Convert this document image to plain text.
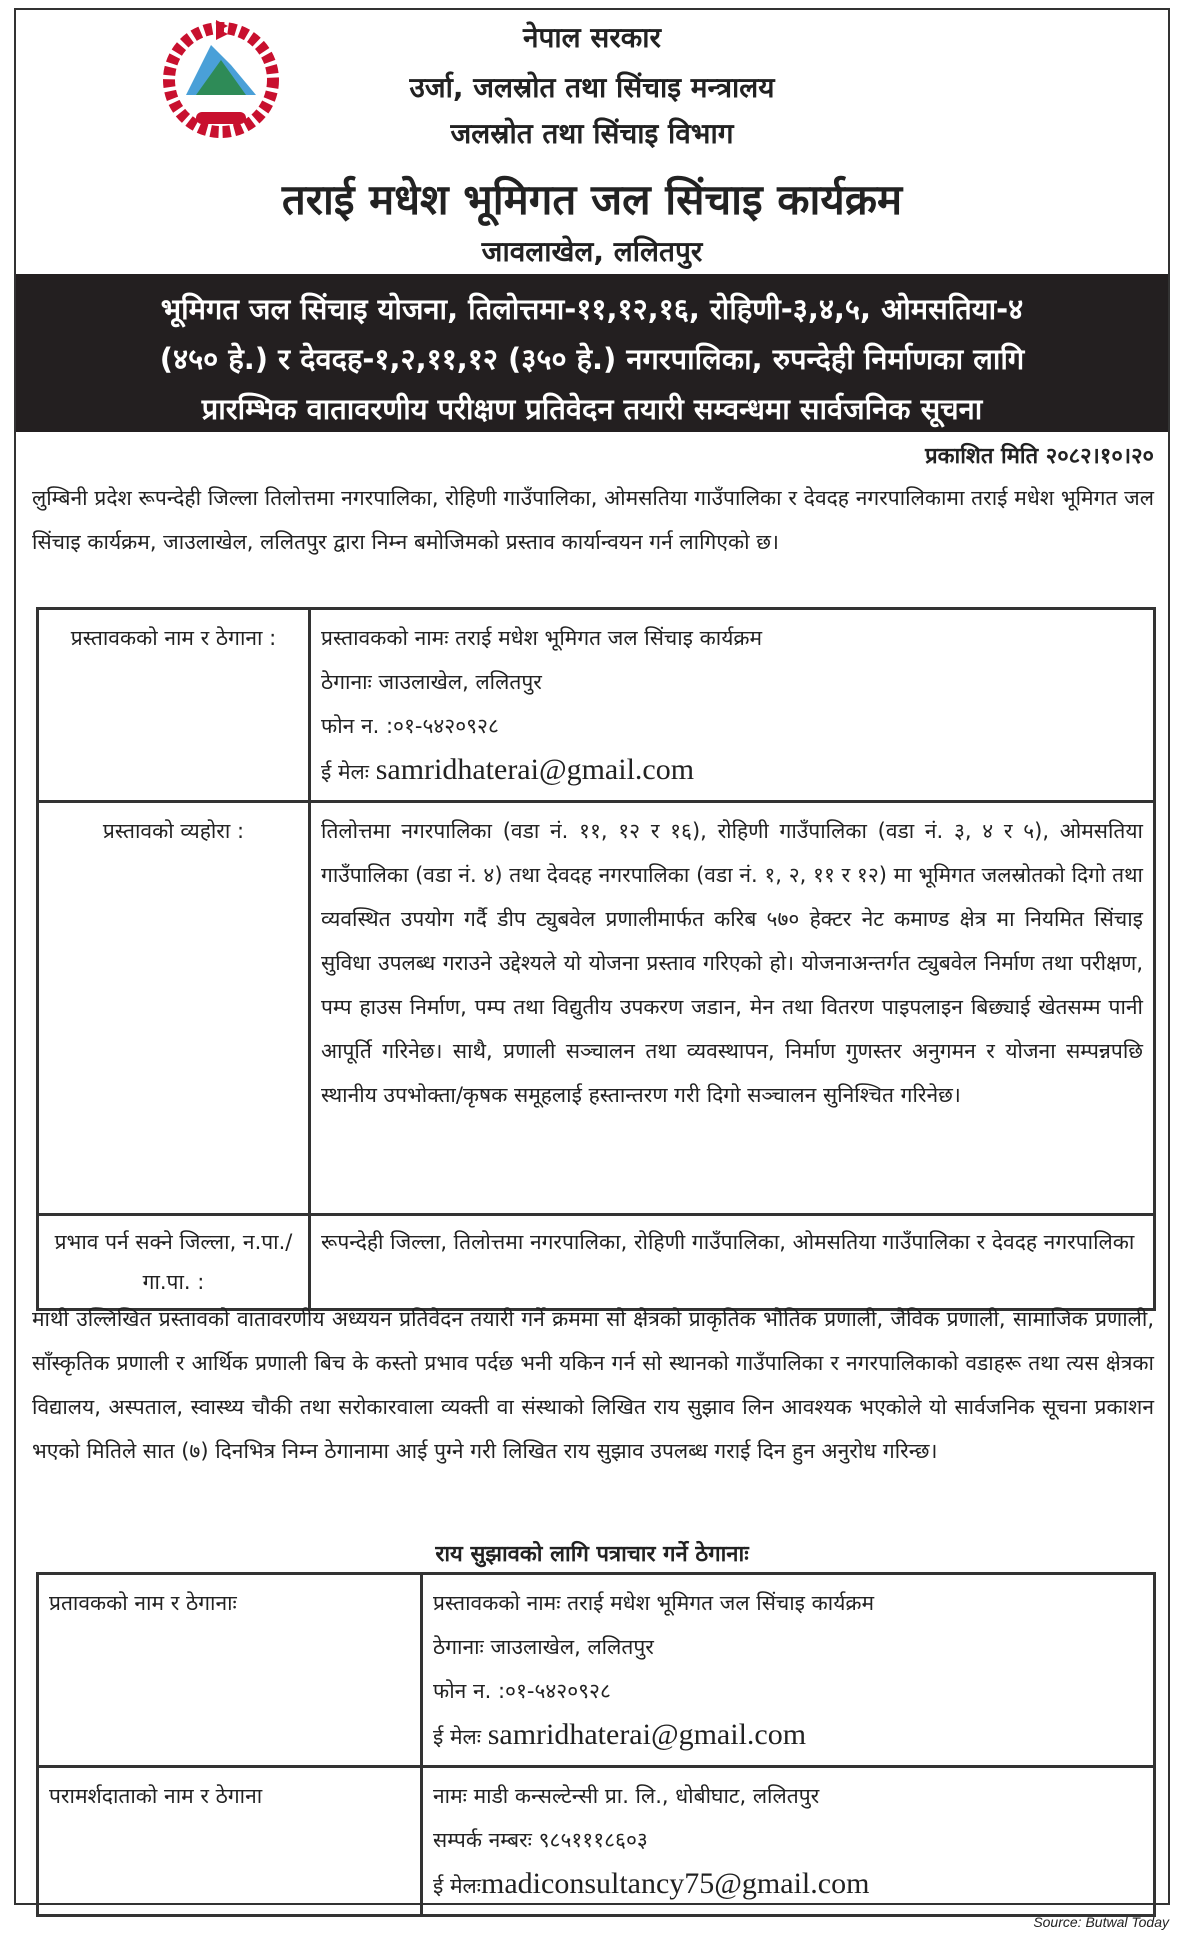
नेपाल सरकार
उर्जा, जलस्रोत तथा सिंचाइ मन्त्रालय
जलस्रोत तथा सिंचाइ विभाग
तराई मधेश भूमिगत जल सिंचाइ कार्यक्रम
जावलाखेल, ललितपुर
भूमिगत जल सिंचाइ योजना, तिलोत्तमा-११,१२,१६, रोहिणी-३,४,५, ओमसतिया-४
(४५० हे.) र देवदह-१,२,११,१२ (३५० हे.) नगरपालिका, रुपन्देही निर्माणका लागि
प्रारम्भिक वातावरणीय परीक्षण प्रतिवेदन तयारी सम्वन्धमा सार्वजनिक सूचना
प्रकाशित मिति २०८२।१०।२०
लुम्बिनी प्रदेश रूपन्देही जिल्ला तिलोत्तमा नगरपालिका, रोहिणी गाउँपालिका, ओमसतिया गाउँपालिका र देवदह नगरपालिकामा तराई मधेश भूमिगत जल सिंचाइ कार्यक्रम, जाउलाखेल, ललितपुर द्वारा निम्न बमोजिमको प्रस्ताव कार्यान्वयन गर्न लागिएको छ।
प्रस्तावकको नाम र ठेगाना :	प्रस्तावकको नामः तराई मधेश भूमिगत जल सिंचाइ कार्यक्रम
ठेगानाः जाउलाखेल, ललितपुर
फोन न. :०१-५४२०९२८
ई मेलः samridhaterai@gmail.com

प्रस्तावको व्यहोरा :	तिलोत्तमा नगरपालिका (वडा नं. ११, १२ र १६), रोहिणी गाउँपालिका (वडा नं. ३, ४ र ५), ओमसतिया गाउँपालिका (वडा नं. ४) तथा देवदह नगरपालिका (वडा नं. १, २, ११ र १२) मा भूमिगत जलस्रोतको दिगो तथा व्यवस्थित उपयोग गर्दै डीप ट्युबवेल प्रणालीमार्फत करिब ५७० हेक्टर नेट कमाण्ड क्षेत्र मा नियमित सिंचाइ सुविधा उपलब्ध गराउने उद्देश्यले यो योजना प्रस्ताव गरिएको हो। योजनाअन्तर्गत ट्युबवेल निर्माण तथा परीक्षण, पम्प हाउस निर्माण, पम्प तथा विद्युतीय उपकरण जडान, मेन तथा वितरण पाइपलाइन बिछ्याई खेतसम्म पानी आपूर्ति गरिनेछ। साथै, प्रणाली सञ्चालन तथा व्यवस्थापन, निर्माण गुणस्तर अनुगमन र योजना सम्पन्नपछि स्थानीय उपभोक्ता/कृषक समूहलाई हस्तान्तरण गरी दिगो सञ्चालन सुनिश्चित गरिनेछ।
प्रभाव पर्न सक्ने जिल्ला, न.पा./ गा.पा. :	रूपन्देही जिल्ला, तिलोत्तमा नगरपालिका, रोहिणी गाउँपालिका, ओमसतिया गाउँपालिका र देवदह नगरपालिका
माथी उल्लिखित प्रस्तावको वातावरणीय अध्ययन प्रतिवेदन तयारी गर्ने क्रममा सो क्षेत्रको प्राकृतिक भौतिक प्रणाली, जैविक प्रणाली, सामाजिक प्रणाली, साँस्कृतिक प्रणाली र आर्थिक प्रणाली बिच के कस्तो प्रभाव पर्दछ भनी यकिन गर्न सो स्थानको गाउँपालिका र नगरपालिकाको वडाहरू तथा त्यस क्षेत्रका विद्यालय, अस्पताल, स्वास्थ्य चौकी तथा सरोकारवाला व्यक्ती वा संस्थाको लिखित राय सुझाव लिन आवश्यक भएकोले यो सार्वजनिक सूचना प्रकाशन भएको मितिले सात (७) दिनभित्र निम्न ठेगानामा आई पुग्ने गरी लिखित राय सुझाव उपलब्ध गराई दिन हुन अनुरोध गरिन्छ।
राय सुझावको लागि पत्राचार गर्ने ठेगानाः
प्रतावकको नाम र ठेगानाः	प्रस्तावकको नामः तराई मधेश भूमिगत जल सिंचाइ कार्यक्रम
ठेगानाः जाउलाखेल, ललितपुर
फोन न. :०१-५४२०९२८
ई मेलः samridhaterai@gmail.com

परामर्शदाताको नाम र ठेगाना	नामः माडी कन्सल्टेन्सी प्रा. लि., धोबीघाट, ललितपुर
सम्पर्क नम्बरः ९८५१११८६०३
ई मेलःmadiconsultancy75@gmail.com
Source: Butwal Today
